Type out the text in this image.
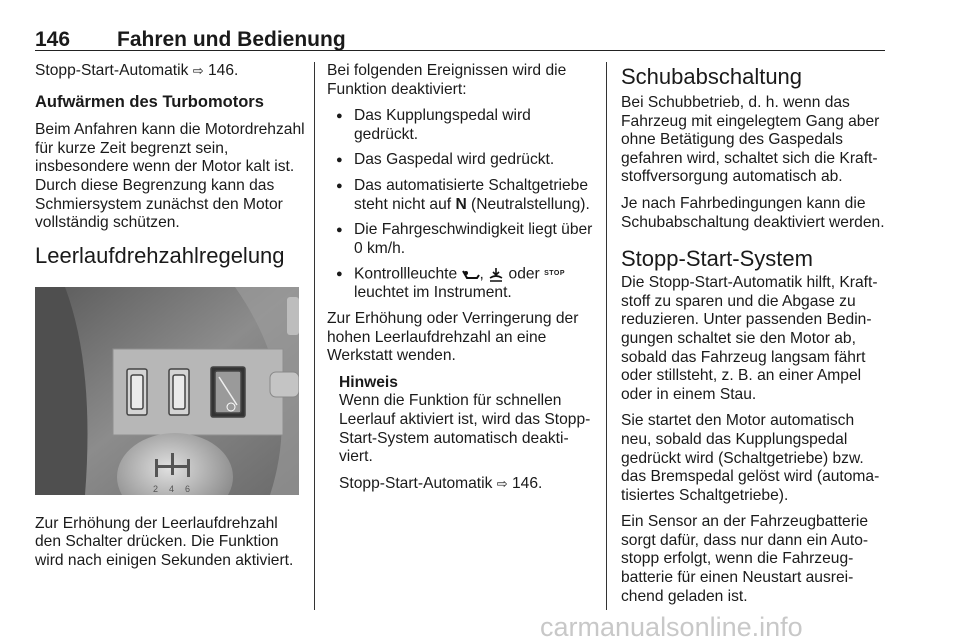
146 Fahren und Bedienung

Stopp-Start-Automatik ⇨ 146.

Aufwärmen des Turbomotors

Beim Anfahren kann die Motordrehzahl für kurze Zeit begrenzt sein, insbesondere wenn der Motor kalt ist. Durch diese Begrenzung kann das Schmiersystem zunächst den Motor vollständig schützen.

Leerlaufdrehzahlregelung
2 4 6

Zur Erhöhung der Leerlaufdrehzahl den Schalter drücken. Die Funktion wird nach einigen Sekunden aktiviert.

Bei folgenden Ereignissen wird die Funktion deaktiviert:

● Das Kupplungspedal wird gedrückt.
● Das Gaspedal wird gedrückt.
● Das automatisierte Schaltgetriebe steht nicht auf N (Neutralstellung).
● Die Fahrgeschwindigkeit liegt über 0 km/h.
● Kontrollleuchte ,  oder STOP leuchtet im Instrument.

Zur Erhöhung oder Verringerung der hohen Leerlaufdrehzahl an eine Werkstatt wenden.

Hinweis

Wenn die Funktion für schnellen Leerlauf aktiviert ist, wird das Stopp-Start-System automatisch deaktiviert.

Stopp-Start-Automatik ⇨ 146.

Schubabschaltung

Bei Schubbetrieb, d. h. wenn das Fahrzeug mit eingelegtem Gang aber ohne Betätigung des Gaspedals gefahren wird, schaltet sich die Kraftstoffversorgung automatisch ab.

Je nach Fahrbedingungen kann die Schubabschaltung deaktiviert werden.

Stopp-Start-System

Die Stopp-Start-Automatik hilft, Kraftstoff zu sparen und die Abgase zu reduzieren. Unter passenden Bedingungen schaltet sie den Motor ab, sobald das Fahrzeug langsam fährt oder stillsteht, z. B. an einer Ampel oder in einem Stau.

Sie startet den Motor automatisch neu, sobald das Kupplungspedal gedrückt wird (Schaltgetriebe) bzw. das Bremspedal gelöst wird (automatisiertes Schaltgetriebe).

Ein Sensor an der Fahrzeugbatterie sorgt dafür, dass nur dann ein Autostopp erfolgt, wenn die Fahrzeugbatterie für einen Neustart ausreichend geladen ist.

carmanualsonline.info
